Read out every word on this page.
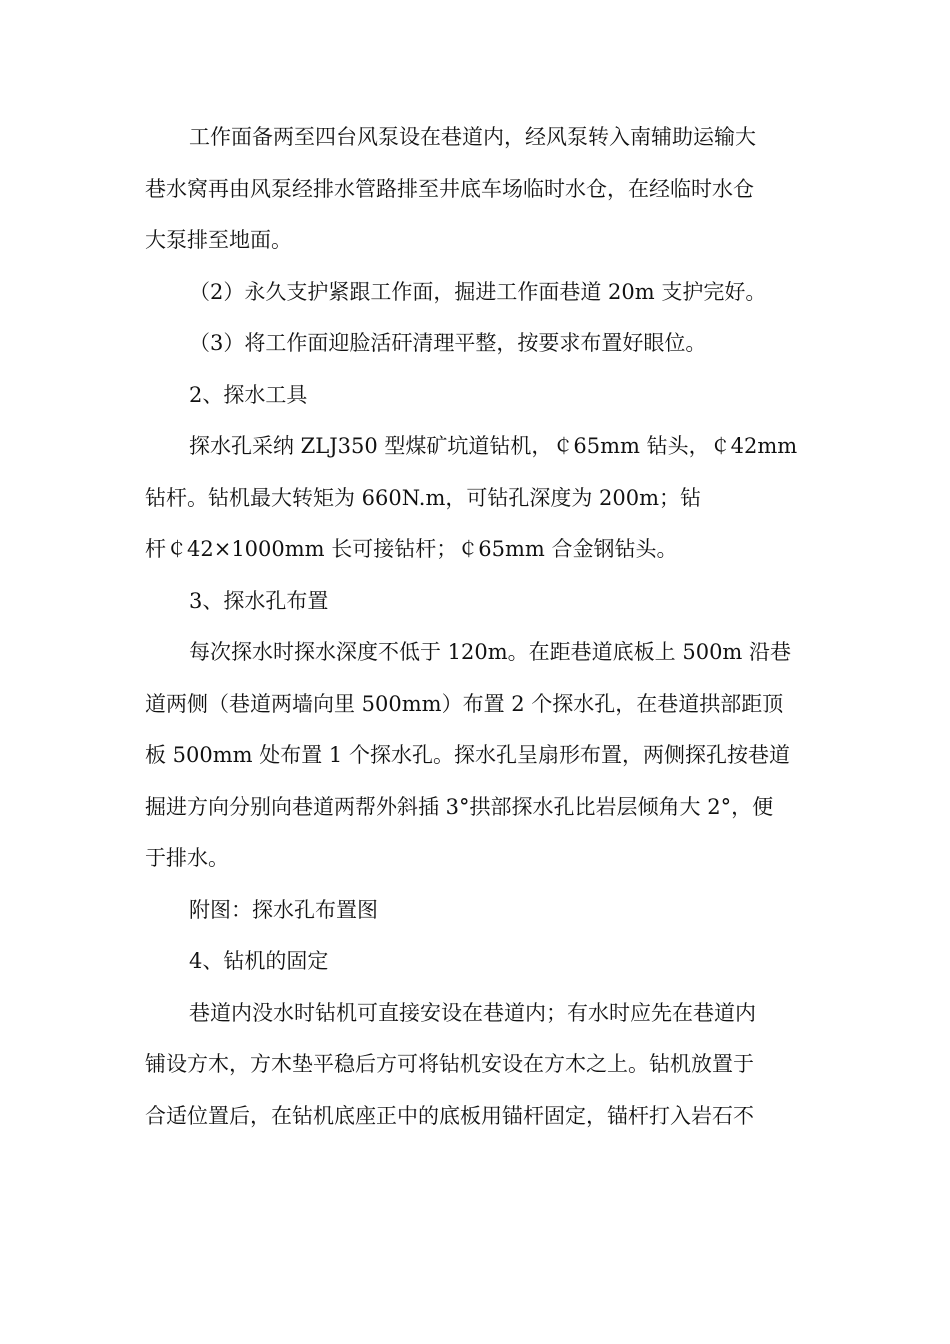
工作面备两至四台风泵设在巷道内，经风泵转入南辅助运输大
巷水窝再由风泵经排水管路排至井底车场临时水仓，在经临时水仓
大泵排至地面。

（2）永久支护紧跟工作面，掘进工作面巷道 20m 支护完好。

（3）将工作面迎脸活矸清理平整，按要求布置好眼位。

2、探水工具

探水孔采纳 ZLJ350 型煤矿坑道钻机，￠65mm 钻头，￠42mm
钻杆。钻机最大转矩为 660N.m，可钻孔深度为 200m；钻
杆￠42×1000mm 长可接钻杆；￠65mm 合金钢钻头。

3、探水孔布置

每次探水时探水深度不低于 120m。在距巷道底板上 500m 沿巷
道两侧（巷道两墙向里 500mm）布置 2 个探水孔，在巷道拱部距顶
板 500mm 处布置 1 个探水孔。探水孔呈扇形布置，两侧探孔按巷道
掘进方向分别向巷道两帮外斜插 3°拱部探水孔比岩层倾角大 2°，便
于排水。

附图：探水孔布置图

4、钻机的固定

巷道内没水时钻机可直接安设在巷道内；有水时应先在巷道内
铺设方木，方木垫平稳后方可将钻机安设在方木之上。钻机放置于
合适位置后，在钻机底座正中的底板用锚杆固定，锚杆打入岩石不
